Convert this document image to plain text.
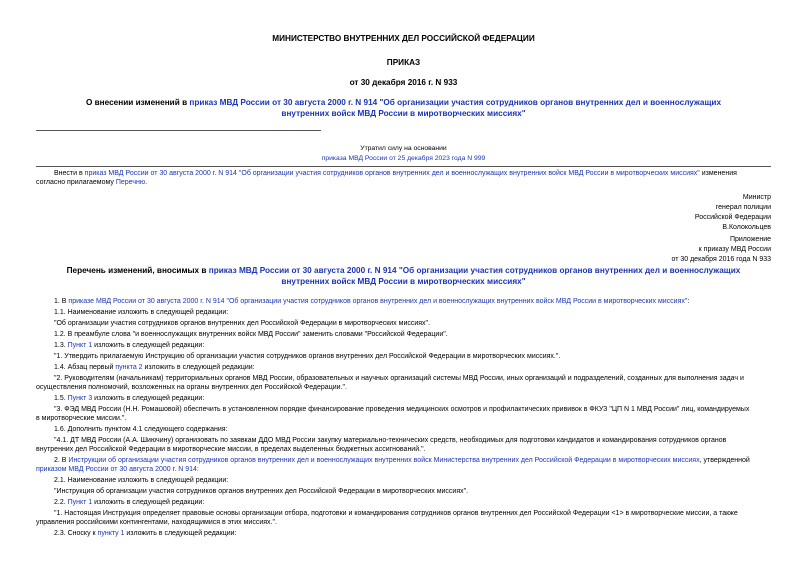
МИНИСТЕРСТВО ВНУТРЕННИХ ДЕЛ РОССИЙСКОЙ ФЕДЕРАЦИИ
ПРИКАЗ
от 30 декабря 2016 г. N 933
О внесении изменений в приказ МВД России от 30 августа 2000 г. N 914 "Об организации участия сотрудников органов внутренних дел и военнослужащих
внутренних войск МВД России в миротворческих миссиях"
Утратил силу на основании
приказа МВД России от 25 декабря 2023 года N 999
Внести в приказ МВД России от 30 августа 2000 г. N 914 "Об организации участия сотрудников органов внутренних дел и военнослужащих внутренних войск МВД России в миротворческих миссиях" изменения
согласно прилагаемому Перечню.
Министр
генерал полиции
Российской Федерации
В.Колокольцев
Приложение
к приказу МВД России
от 30 декабря 2016 года N 933
Перечень изменений, вносимых в приказ МВД России от 30 августа 2000 г. N 914 "Об организации участия сотрудников органов внутренних дел и военнослужащих
внутренних войск МВД России в миротворческих миссиях"
1. В приказе МВД России от 30 августа 2000 г. N 914 "Об организации участия сотрудников органов внутренних дел и военнослужащих внутренних войск МВД России в миротворческих миссиях":
1.1. Наименование изложить в следующей редакции:
"Об организации участия сотрудников органов внутренних дел Российской Федерации в миротворческих миссиях".
1.2. В преамбуле слова "и военнослужащих внутренних войск МВД России" заменить словами "Российской Федерации".
1.3. Пункт 1 изложить в следующей редакции:
"1. Утвердить прилагаемую Инструкцию об организации участия сотрудников органов внутренних дел Российской Федерации в миротворческих миссиях.".
1.4. Абзац первый пункта 2 изложить в следующей редакции:
"2. Руководителям (начальникам) территориальных органов МВД России, образовательных и научных организаций системы МВД России, иных организаций и подразделений, созданных для выполнения задач и
осуществления полномочий, возложенных на органы внутренних дел Российской Федерации.".
1.5. Пункт 3 изложить в следующей редакции:
"3. ФЭД МВД России (Н.Н. Ромашовой) обеспечить в установленном порядке финансирование проведения медицинских осмотров и профилактических прививок в ФКУЗ "ЦП N 1 МВД России" лиц, командируемых
в миротворческие миссии.".
1.6. Дополнить пунктом 4.1 следующего содержания:
"4.1. ДТ МВД России (А.А. Шиючину) организовать по заявкам ДДО МВД России закупку материально-технических средств, необходимых для подготовки кандидатов и командирования сотрудников органов
внутренних дел Российской Федерации в миротворческие миссии, в пределах выделенных бюджетных ассигнований.".
2. В Инструкции об организации участия сотрудников органов внутренних дел и военнослужащих внутренних войск Министерства внутренних дел Российской Федерации в миротворческих миссиях, утвержденной
приказом МВД России от 30 августа 2000 г. N 914:
2.1. Наименование изложить в следующей редакции:
"Инструкция об организации участия сотрудников органов внутренних дел Российской Федерации в миротворческих миссиях".
2.2. Пункт 1 изложить в следующей редакции:
"1. Настоящая Инструкция определяет правовые основы организации отбора, подготовки и командирования сотрудников органов внутренних дел Российской Федерации <1> в миротворческие миссии, а также
управления российскими контингентами, находящимися в этих миссиях.".
2.3. Сноску к пункту 1 изложить в следующей редакции:
